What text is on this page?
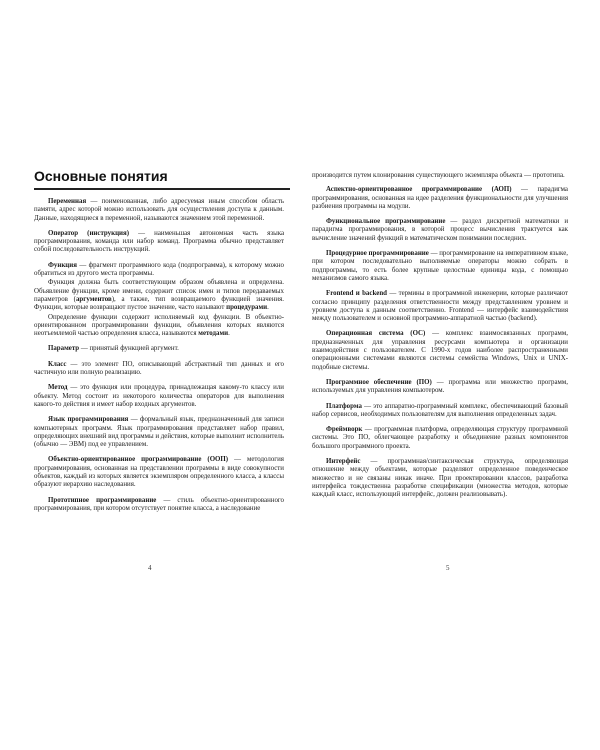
Основные понятия

Переменная — поименованная, либо адресуемая иным способом область памяти, адрес которой можно использовать для осуществления доступа к данным. Данные, находящиеся в переменной, называются значением этой переменной.

Оператор (инструкция) — наименьшая автономная часть языка программирования, команда или набор команд. Программа обычно представляет собой последовательность инструкций.

Функция — фрагмент программного кода (подпрограмма), к которому можно обратиться из другого места программы.

Функция должна быть соответствующим образом объявлена и определена. Объявление функции, кроме имени, содержит список имен и типов передаваемых параметров (аргументов), а также, тип возвращаемого функцией значения. Функции, которые возвращают пустое значение, часто называют процедурами.

Определение функции содержит исполняемый код функции. В объектно-ориентированном программировании функции, объявления которых являются неотъемлемой частью определения класса, называются методами.

Параметр — принятый функцией аргумент.

Класс — это элемент ПО, описывающий абстрактный тип данных и его частичную или полную реализацию.

Метод — это функция или процедура, принадлежащая какому-то классу или объекту. Метод состоит из некоторого количества операторов для выполнения какого-то действия и имеет набор входных аргументов.

Язык программирования — формальный язык, предназначенный для записи компьютерных программ. Язык программирования представляет набор правил, определяющих внешний вид программы и действия, которые выполнит исполнитель (обычно — ЭВМ) под ее управлением.

Объектно-ориентированное программирование (ООП) — методология программирования, основанная на представлении программы в виде совокупности объектов, каждый из которых является экземпляром определенного класса, а классы образуют иерархию наследования.

Прототипное программирование — стиль объектно-ориентированного программирования, при котором отсутствует понятие класса, а наследование

4

производится путем клонирования существующего экземпляра объекта — прототипа.

Аспектно-ориентированное программирование (АОП) — парадигма программирования, основанная на идее разделения функциональности для улучшения разбиения программы на модули.

Функциональное программирование — раздел дискретной математики и парадигма программирования, в которой процесс вычисления трактуется как вычисление значений функций в математическом понимании последних.

Процедурное программирование — программирование на императивном языке, при котором последовательно выполняемые операторы можно собрать в подпрограммы, то есть более крупные целостные единицы кода, с помощью механизмов самого языка.

Frontend и backend — термины в программной инженерии, которые различают согласно принципу разделения ответственности между представлением уровнем и уровнем доступа к данным соответственно. Frontend — интерфейс взаимодействия между пользователем и основной программно-аппаратной частью (backend).

Операционная система (ОС) — комплекс взаимосвязанных программ, предназначенных для управления ресурсами компьютера и организации взаимодействия с пользователем. С 1990-х годов наиболее распространенными операционными системами являются системы семейства Windows, Unix и UNIX-подобные системы.

Программное обеспечение (ПО) — программа или множество программ, используемых для управления компьютером.

Платформа — это аппаратно-программный комплекс, обеспечивающий базовый набор сервисов, необходимых пользователям для выполнения определенных задач.

Фреймворк — программная платформа, определяющая структуру программной системы. Это ПО, облегчающее разработку и объединение разных компонентов большого программного проекта.

Интерфейс — программная/синтаксическая структура, определяющая отношение между объектами, которые разделяют определенное поведенческое множество и не связаны никак иначе. При проектировании классов, разработка интерфейса тождественна разработке спецификации (множества методов, которые каждый класс, использующий интерфейс, должен реализовывать).

5
